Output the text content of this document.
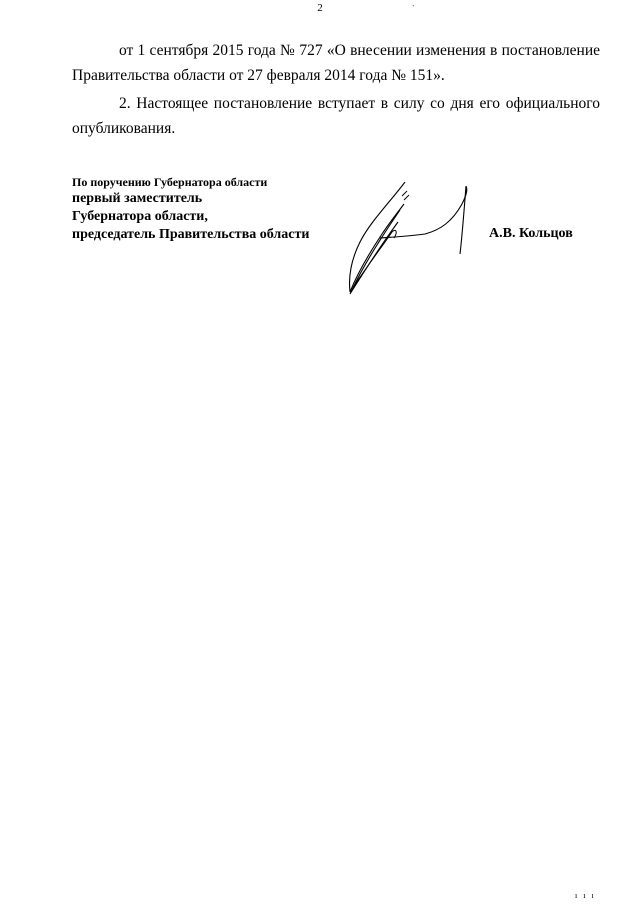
2	`
от 1 сентября 2015 года № 727 «О внесении изменения в постановление
Правительства области от 27 февраля 2014 года № 151».
2. Настоящее постановление вступает в силу со дня его официального
опубликования.
По поручению Губернатора области
первый заместитель
Губернатора области,
председатель Правительства области	А.В. Кольцов
ı ı ı
